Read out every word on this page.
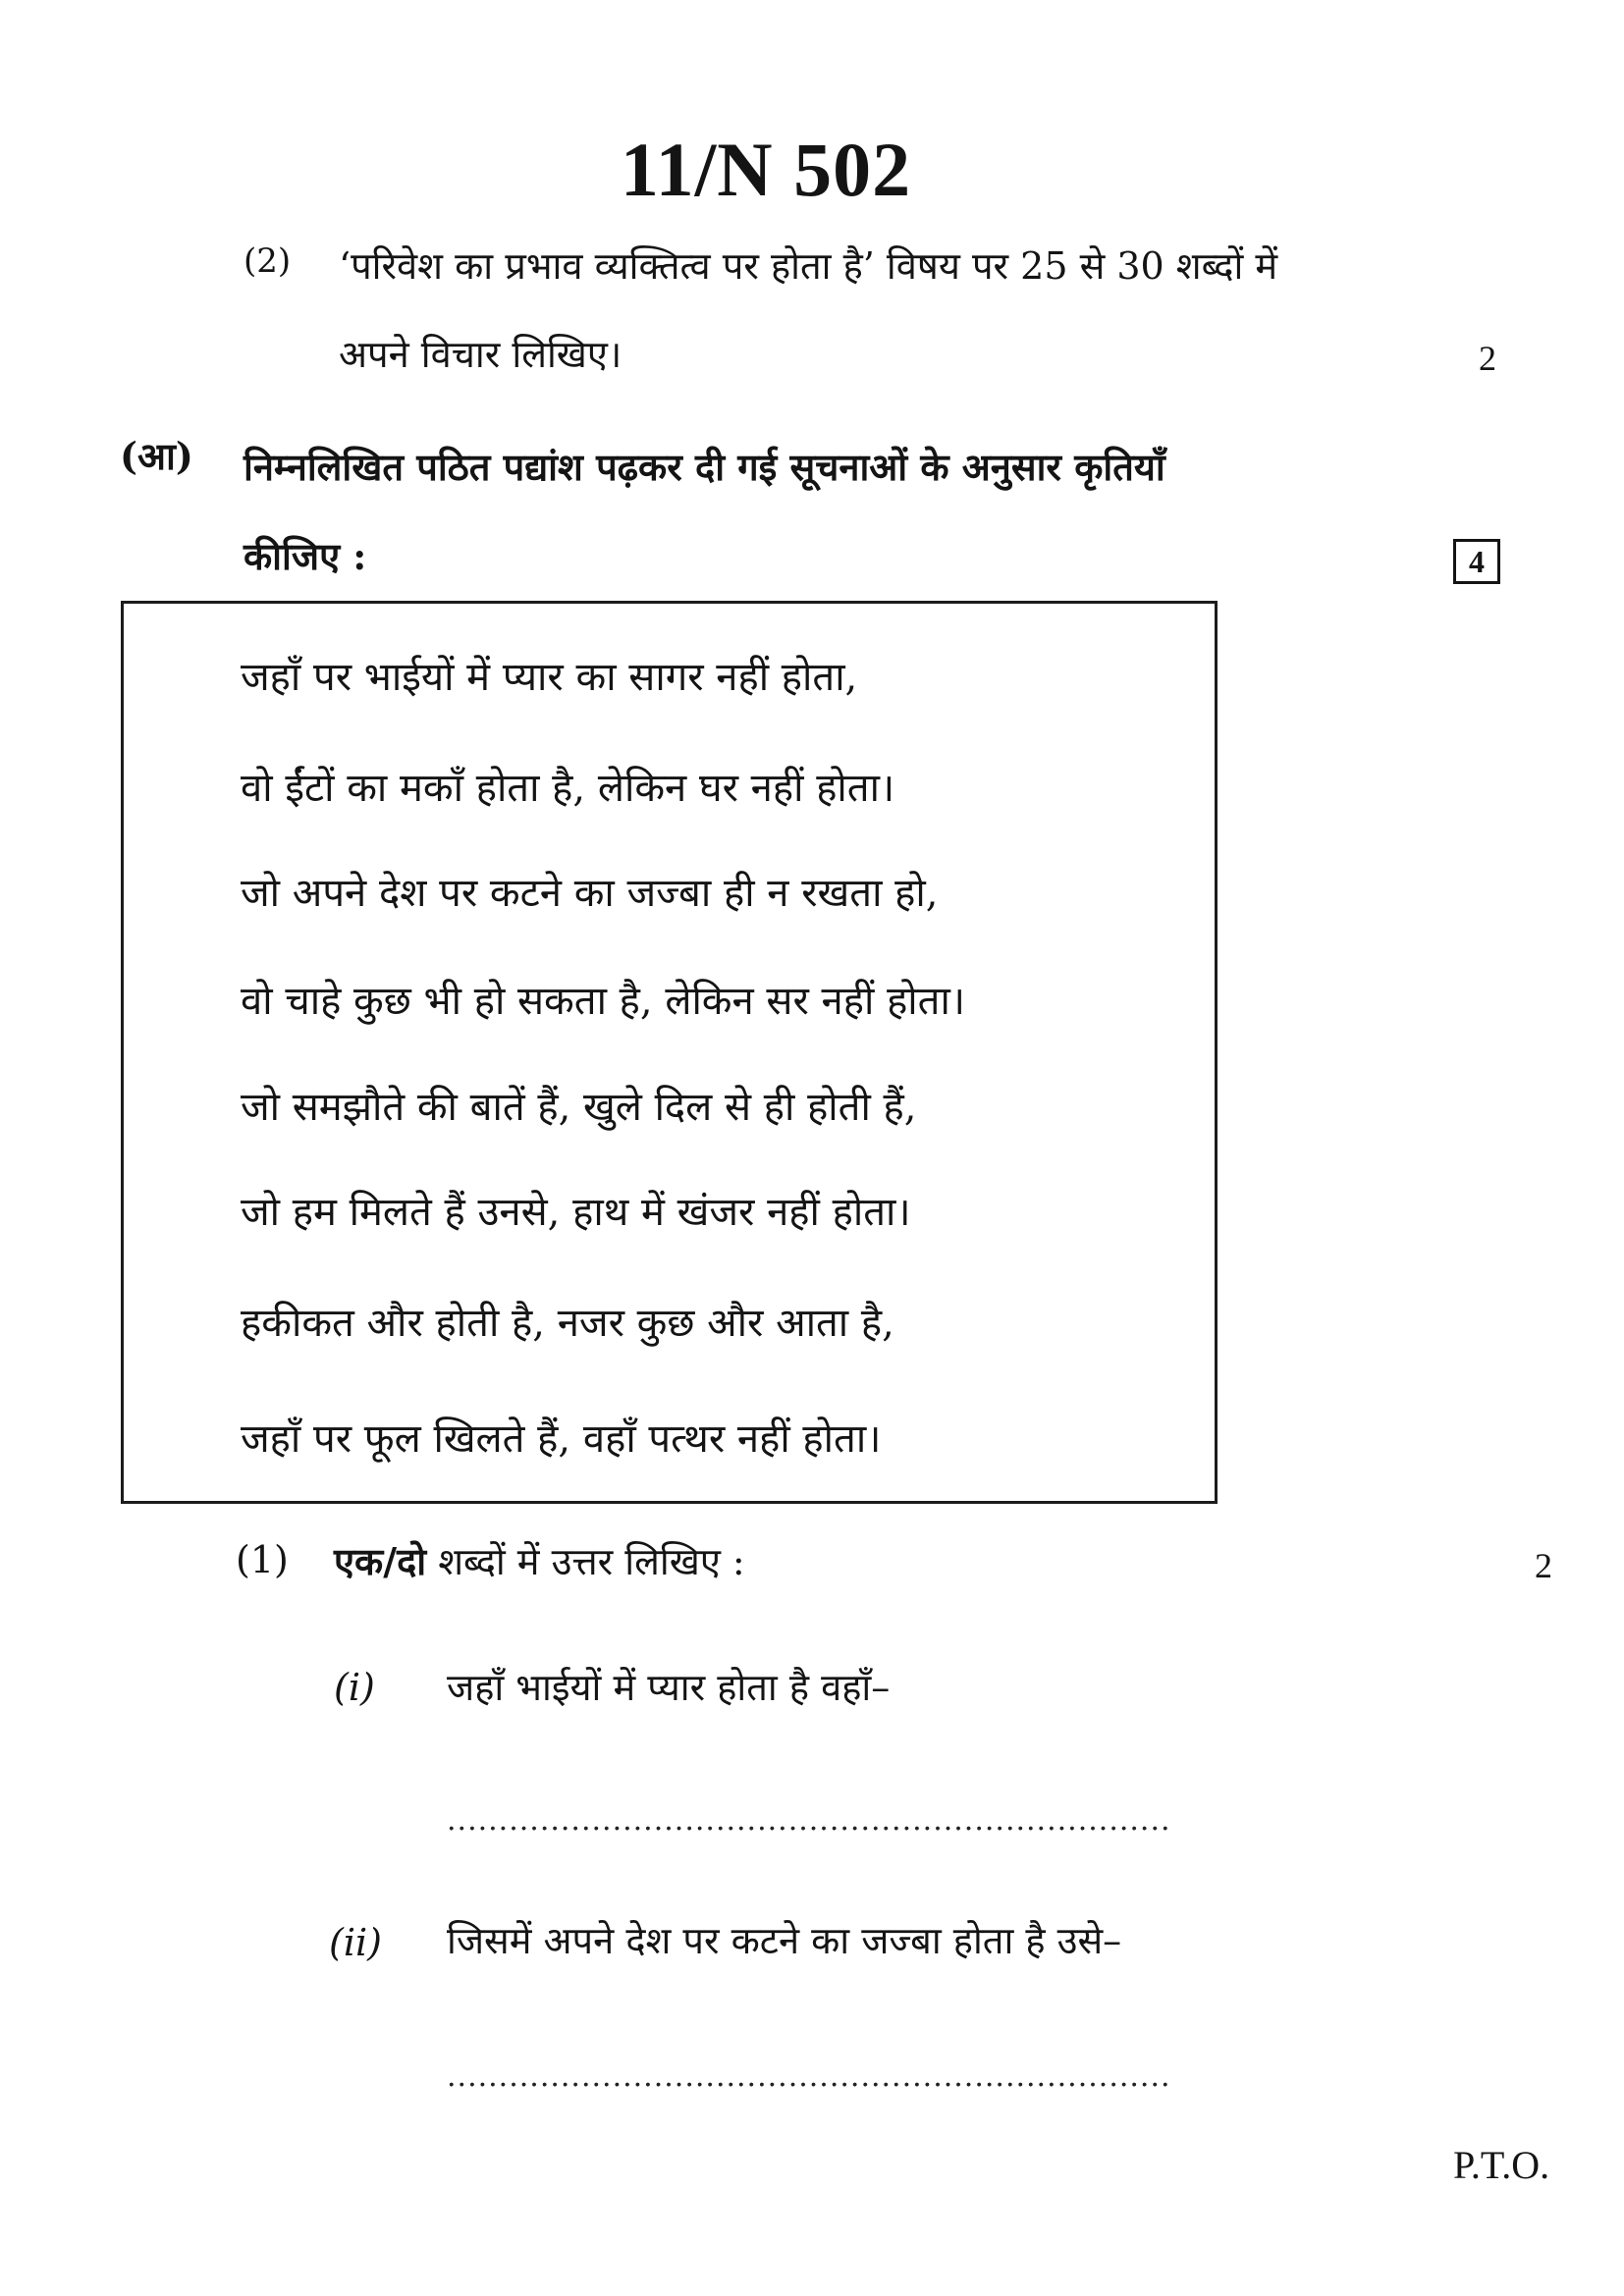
11/N 502
(2) ‘परिवेश का प्रभाव व्यक्तित्व पर होता है’ विषय पर 25 से 30 शब्दों में
अपने विचार लिखिए।	2
(आ) निम्नलिखित पठित पद्यांश पढ़कर दी गई सूचनाओं के अनुसार कृतियाँ
कीजिए :	4
जहाँ पर भाईयों में प्यार का सागर नहीं होता,
वो ईंटों का मकाँ होता है, लेकिन घर नहीं होता।
जो अपने देश पर कटने का जज्बा ही न रखता हो,
वो चाहे कुछ भी हो सकता है, लेकिन सर नहीं होता।
जो समझौते की बातें हैं, खुले दिल से ही होती हैं,
जो हम मिलते हैं उनसे, हाथ में खंजर नहीं होता।
हकीकत और होती है, नजर कुछ और आता है,
जहाँ पर फूल खिलते हैं, वहाँ पत्थर नहीं होता।
(1) एक/दो शब्दों में उत्तर लिखिए :	2
(i) जहाँ भाईयों में प्यार होता है वहाँ–
......................................................................
(ii) जिसमें अपने देश पर कटने का जज्बा होता है उसे–
......................................................................
P.T.O.
